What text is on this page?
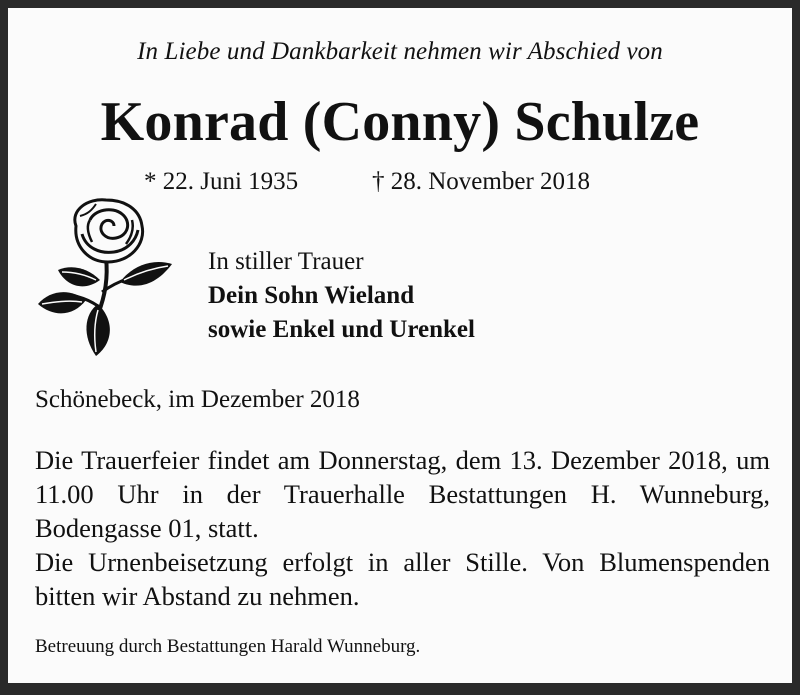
In Liebe und Dankbarkeit nehmen wir Abschied von
Konrad (Conny) Schulze
* 22. Juni 1935	† 28. November 2018
In stiller Trauer
Dein Sohn Wieland
sowie Enkel und Urenkel
Schönebeck, im Dezember 2018
Die Trauerfeier findet am Donnerstag, dem 13. Dezember 2018, um 11.00 Uhr in der Trauerhalle Bestattungen H. Wunneburg, Bodengasse 01, statt.
Die Urnenbeisetzung erfolgt in aller Stille. Von Blumenspenden bitten wir Abstand zu nehmen.
Betreuung durch Bestattungen Harald Wunneburg.
